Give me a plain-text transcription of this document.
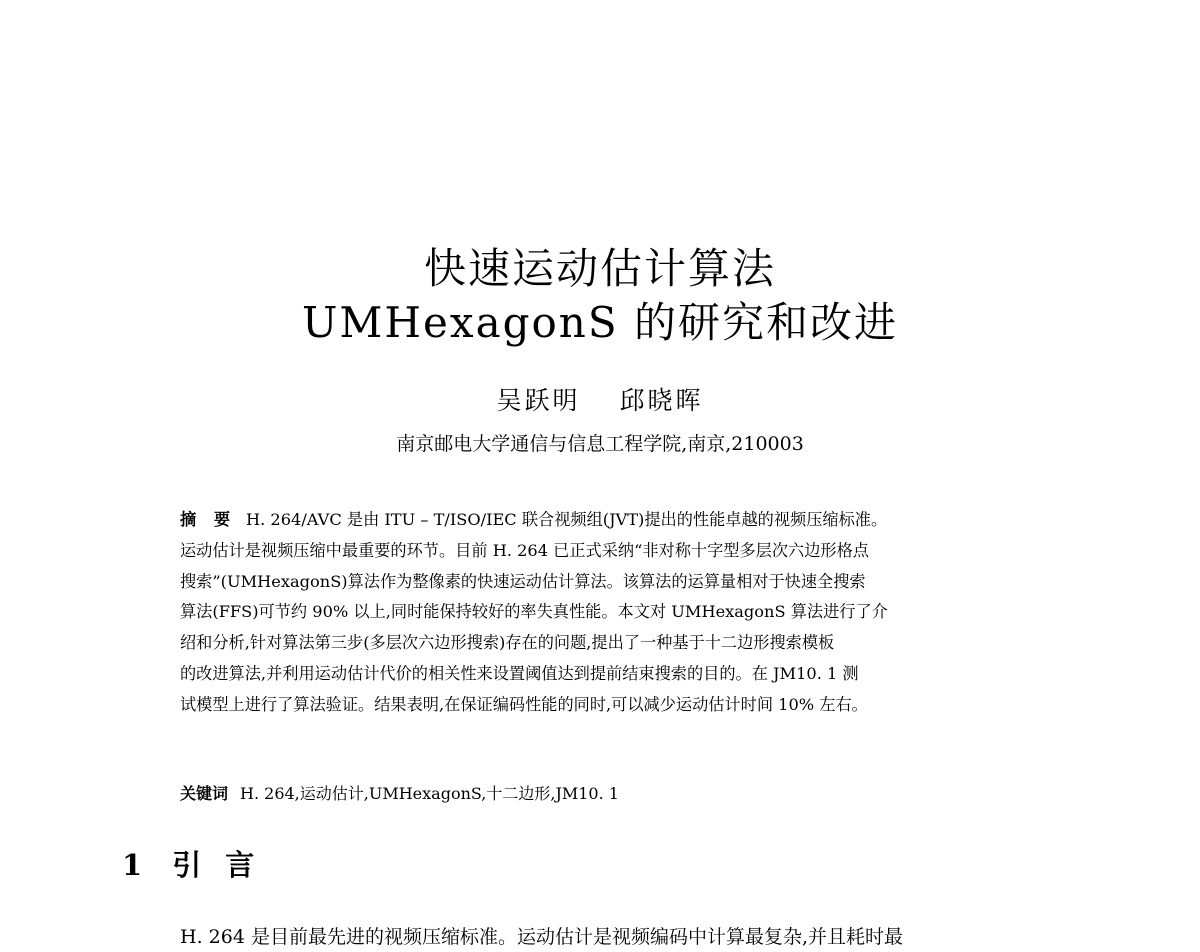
快速运动估计算法
UMHexagonS 的研究和改进
吴跃明 邱晓晖
南京邮电大学通信与信息工程学院,南京,210003
摘 要 H. 264/AVC 是由 ITU – T/ISO/IEC 联合视频组(JVT)提出的性能卓越的视频压缩标准。
运动估计是视频压缩中最重要的环节。目前 H. 264 已正式采纳“非对称十字型多层次六边形格点
搜索”(UMHexagonS)算法作为整像素的快速运动估计算法。该算法的运算量相对于快速全搜索
算法(FFS)可节约 90% 以上,同时能保持较好的率失真性能。本文对 UMHexagonS 算法进行了介
绍和分析,针对算法第三步(多层次六边形搜索)存在的问题,提出了一种基于十二边形搜索模板
的改进算法,并利用运动估计代价的相关性来设置阈值达到提前结束搜索的目的。在 JM10. 1 测
试模型上进行了算法验证。结果表明,在保证编码性能的同时,可以减少运动估计时间 10% 左右。
关键词 H. 264,运动估计,UMHexagonS,十二边形,JM10. 1
1 引言
H. 264 是目前最先进的视频压缩标准。运动估计是视频编码中计算最复杂,并且耗时最
